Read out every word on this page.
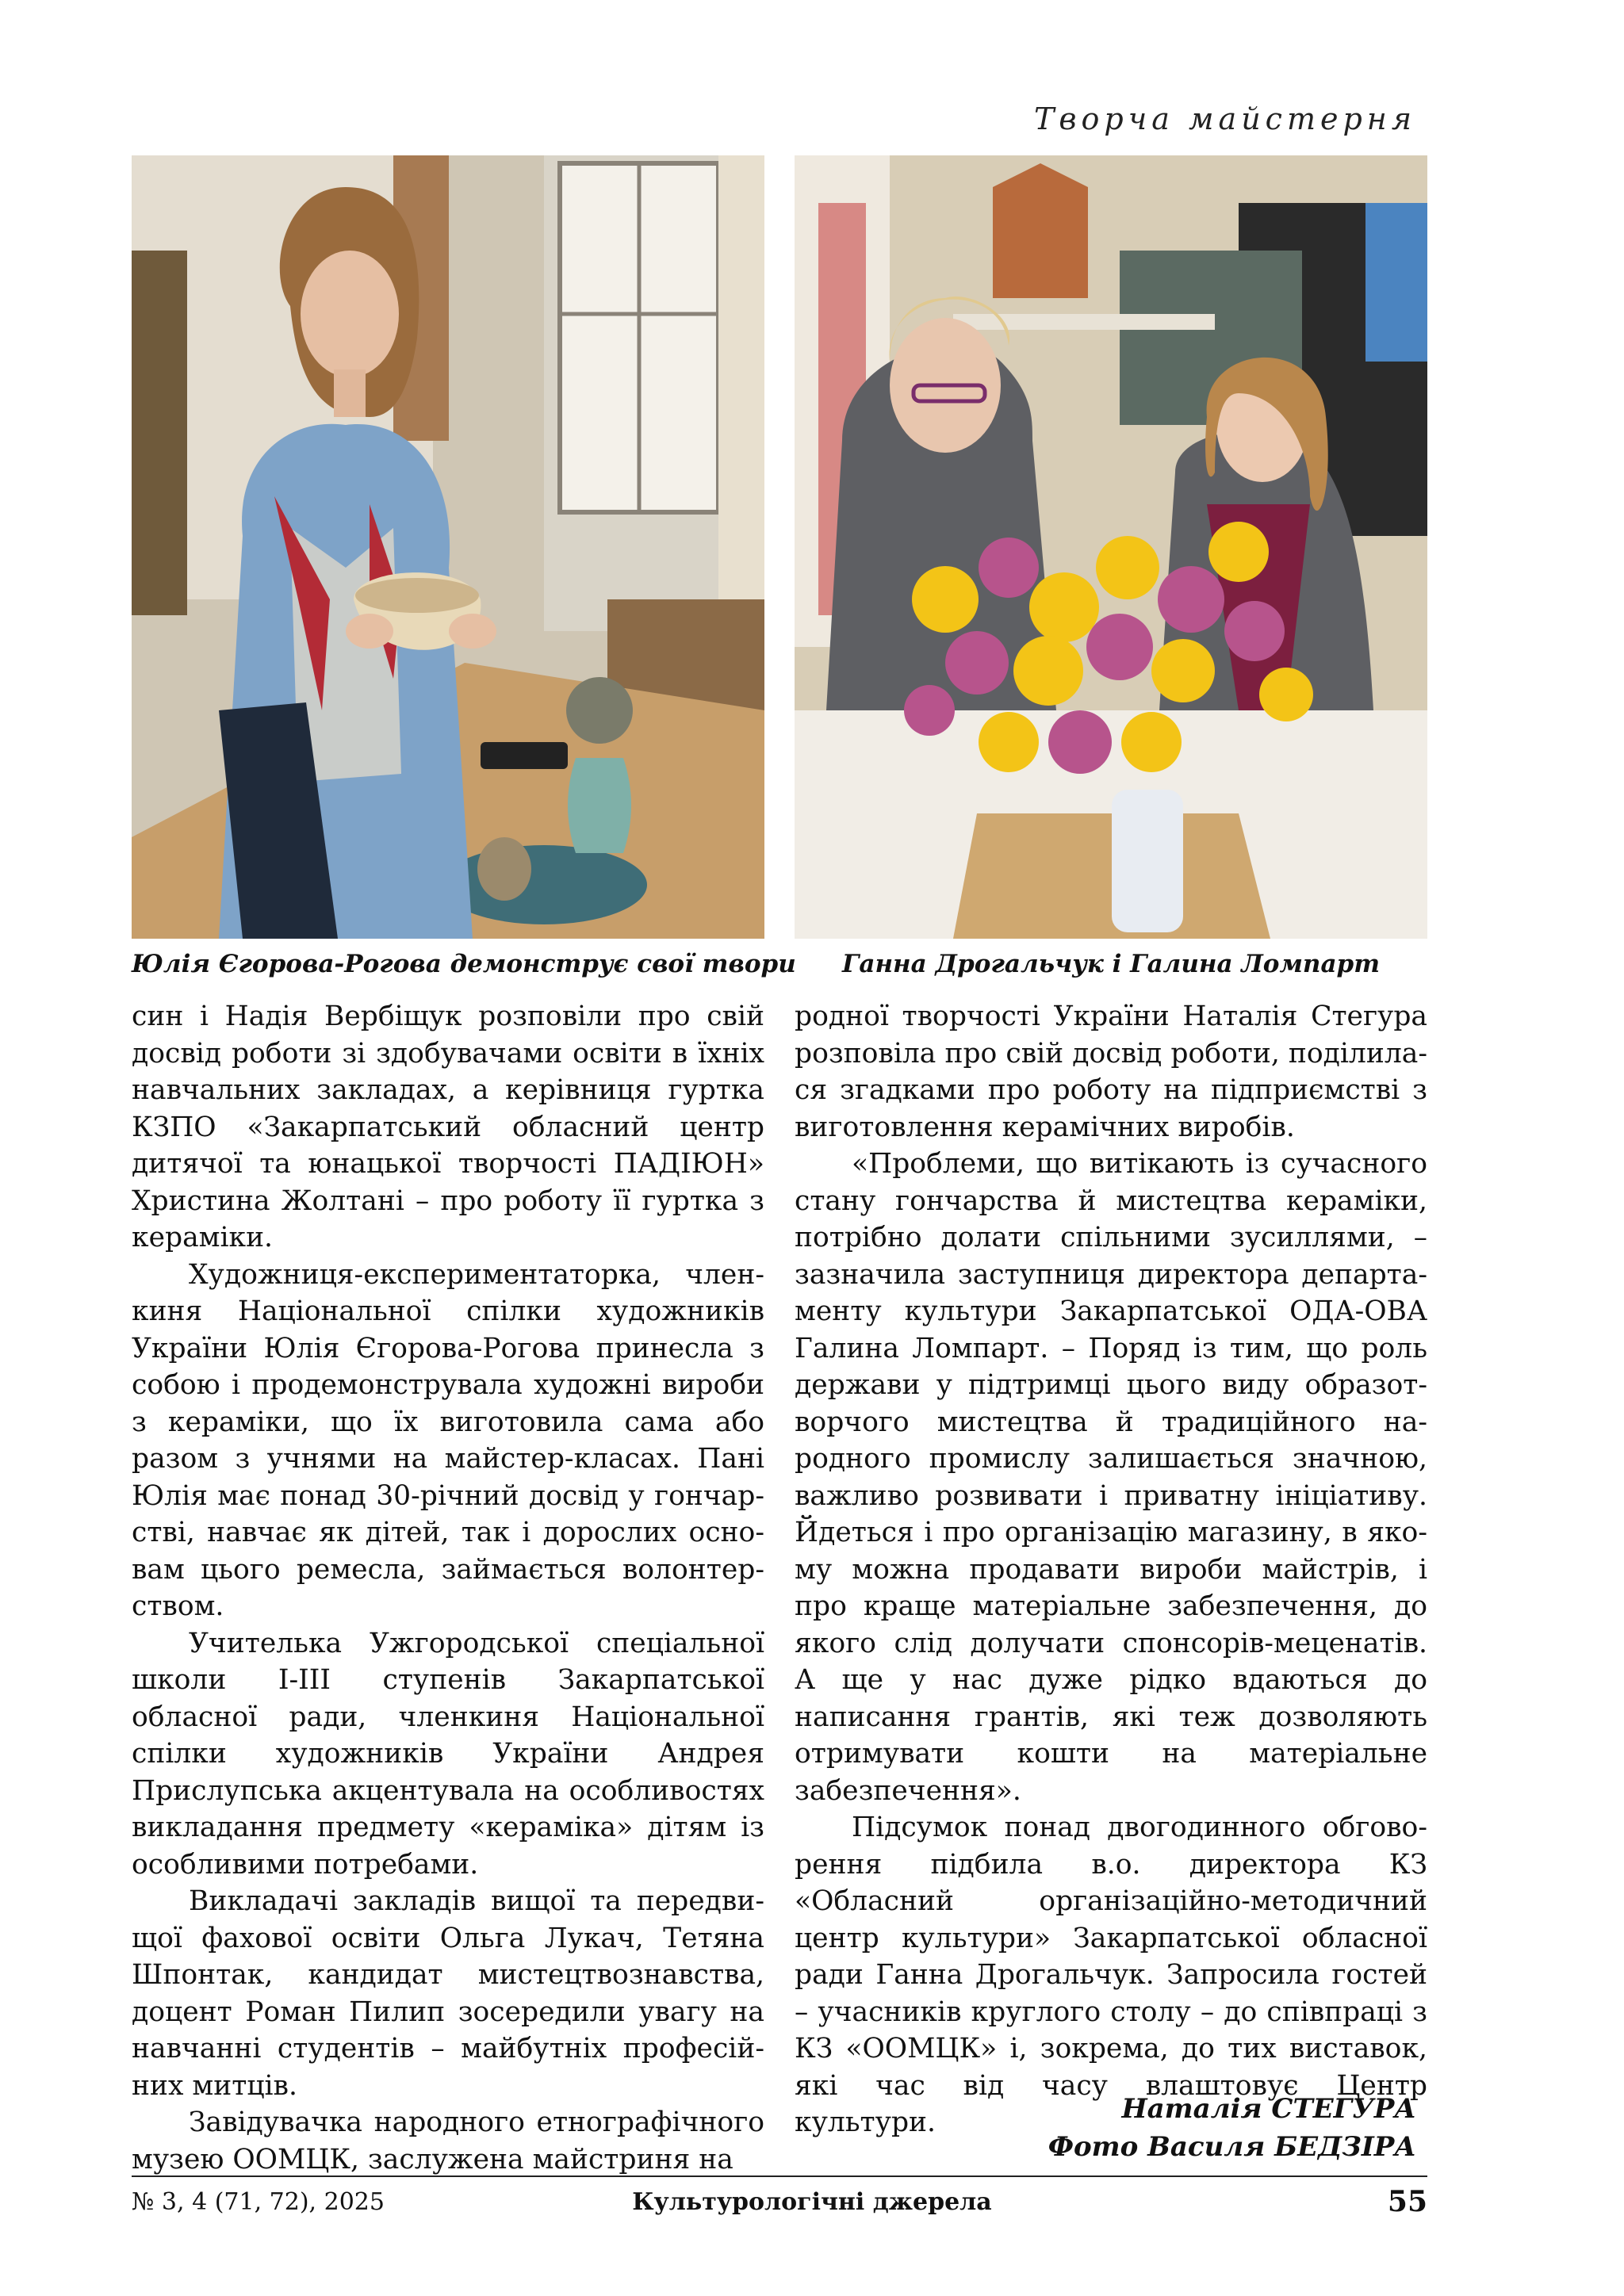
Творча майстерня
Юлія Єгорова-Рогова демонструє свої твори	Ганна Дрогальчук і Галина Ломпарт

син і Надія Вербіщук розповіли про свій досвід роботи зі здобувачами освіти в їхніх навчальних закладах, а керівниця гуртка КЗПО «Закарпатський обласний центр дитячої та юнацької творчості ПАДІЮН» Христина Жолтані – про роботу її гуртка з кераміки.

Художниця-експериментаторка, членкиня Національної спілки художників України Юлія Єгорова-Рогова принесла з собою і продемонструвала художні вироби з кераміки, що їх виготовила сама або разом з учнями на майстер-класах. Пані Юлія має понад 30-річний досвід у гончарстві, навчає як дітей, так і дорослих основам цього ремесла, займається волонтерством.

Учителька Ужгородської спеціальної школи І-ІІІ ступенів Закарпатської обласної ради, членкиня Національної спілки художників України Андрея Прислупська акцентувала на особливостях викладання предмету «кераміка» дітям із особливими потребами.

Викладачі закладів вищої та передвищої фахової освіти Ольга Лукач, Тетяна Шпонтак, кандидат мистецтвознавства, доцент Роман Пилип зосередили увагу на навчанні студентів – майбутніх професійних митців.

Завідувачка народного етнографічного музею ООМЦК, заслужена майстриня на

родної творчості України Наталія Стегура розповіла про свій досвід роботи, поділилася згадками про роботу на підприємстві з виготовлення керамічних виробів.

«Проблеми, що витікають із сучасного стану гончарства й мистецтва кераміки, потрібно долати спільними зусиллями, – зазначила заступниця директора департаменту культури Закарпатської ОДА-ОВА Галина Ломпарт. – Поряд із тим, що роль держави у підтримці цього виду образотворчого мистецтва й традиційного народного промислу залишається значною, важливо розвивати і приватну ініціативу. Йдеться і про організацію магазину, в якому можна продавати вироби майстрів, і про краще матеріальне забезпечення, до якого слід долучати спонсорів-меценатів. А ще у нас дуже рідко вдаються до написання грантів, які теж дозволяють отримувати кошти на матеріальне забезпечення».

Підсумок понад двогодинного обговорення підбила в.о. директора КЗ «Обласний організаційно-методичний центр культури» Закарпатської обласної ради Ганна Дрогальчук. Запросила гостей – учасників круглого столу – до співпраці з КЗ «ООМЦК» і, зокрема, до тих виставок, які час від часу влаштовує Центр культури.	Наталія СТЕГУРА
Фото Василя БЕДЗІРА
№ 3, 4 (71, 72), 2025	Культурологічні джерела	55
